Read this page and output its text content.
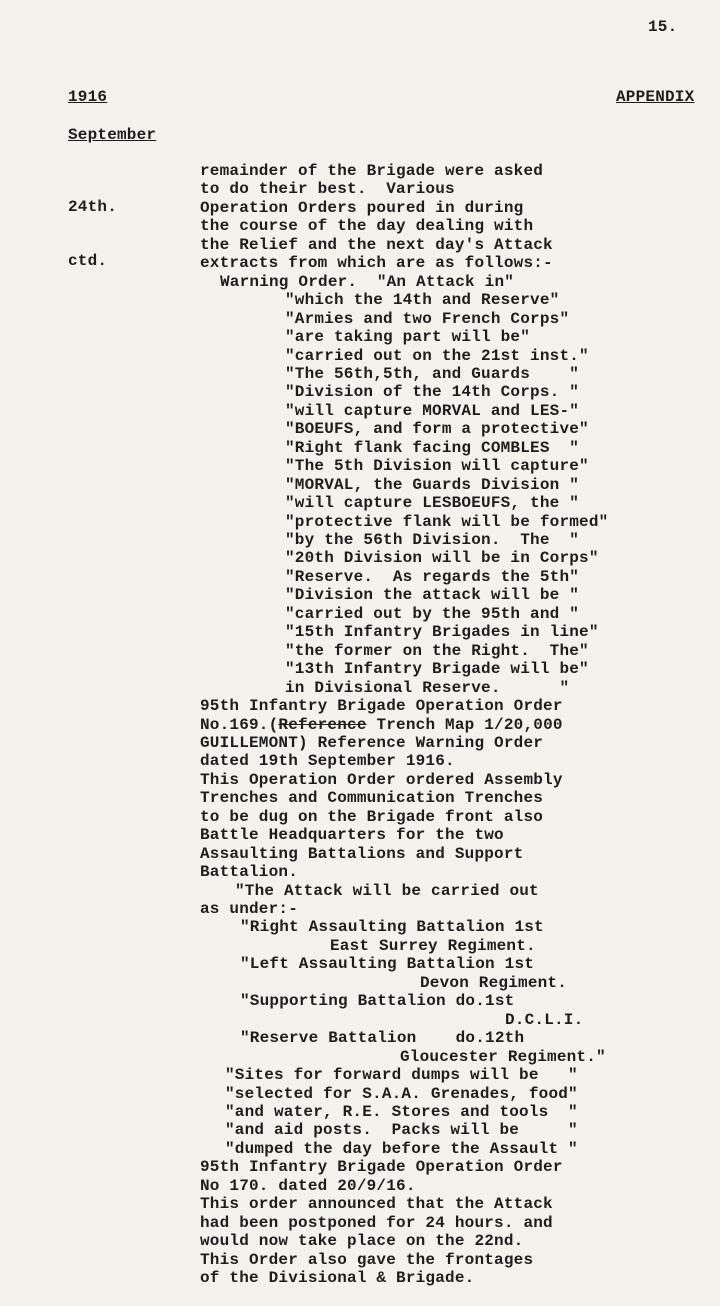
15.
1916	APPENDIX
September

24th.

ctd.

remainder of the Brigade were asked
to do their best.  Various
Operation Orders poured in during
the course of the day dealing with
the Relief and the next day's Attack
extracts from which are as follows:-
Warning Order.  "An Attack in"
"which the 14th and Reserve"
"Armies and two French Corps"
"are taking part will be"
"carried out on the 21st inst."
"The 56th,5th, and Guards    "
"Division of the 14th Corps. "
"will capture MORVAL and LES-"
"BOEUFS, and form a protective"
"Right flank facing COMBLES  "
"The 5th Division will capture"
"MORVAL, the Guards Division "
"will capture LESBOEUFS, the "
"protective flank will be formed"
"by the 56th Division.  The  "
"20th Division will be in Corps"
"Reserve.  As regards the 5th"
"Division the attack will be "
"carried out by the 95th and "
"15th Infantry Brigades in line"
"the former on the Right.  The"
"13th Infantry Brigade will be"
in Divisional Reserve.      "
95th Infantry Brigade Operation Order
No.169.(Reference Trench Map 1/20,000
GUILLEMONT) Reference Warning Order
dated 19th September 1916.
This Operation Order ordered Assembly
Trenches and Communication Trenches
to be dug on the Brigade front also
Battle Headquarters for the two
Assaulting Battalions and Support
Battalion.
"The Attack will be carried out
as under:-
"Right Assaulting Battalion 1st
East Surrey Regiment.
"Left Assaulting Battalion 1st
Devon Regiment.
"Supporting Battalion do.1st
D.C.L.I.
"Reserve Battalion    do.12th
Gloucester Regiment."
"Sites for forward dumps will be   "
"selected for S.A.A. Grenades, food"
"and water, R.E. Stores and tools  "
"and aid posts.  Packs will be     "
"dumped the day before the Assault "
95th Infantry Brigade Operation Order
No 170. dated 20/9/16.
This order announced that the Attack
had been postponed for 24 hours. and
would now take place on the 22nd.
This Order also gave the frontages
of the Divisional & Brigade.
